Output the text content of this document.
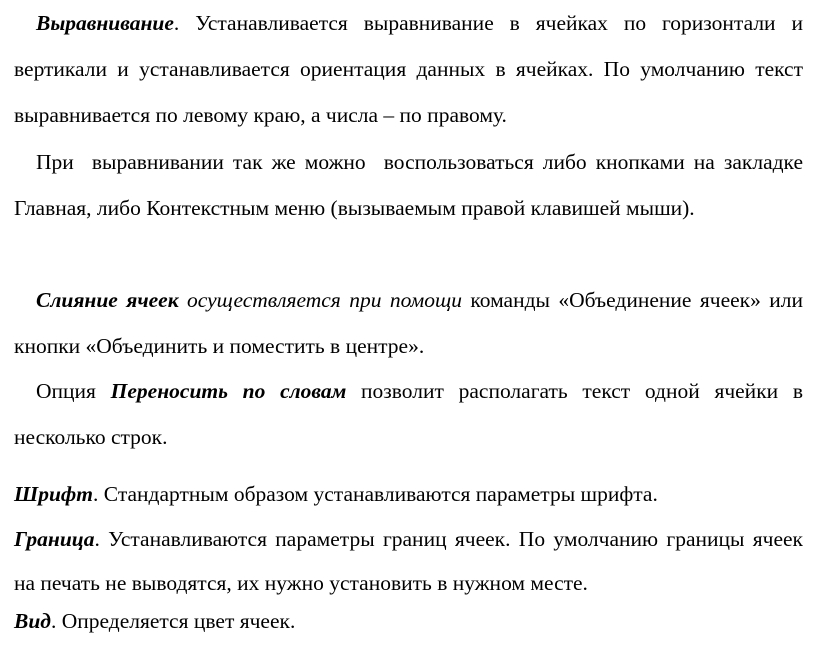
Выравнивание. Устанавливается выравнивание в ячейках по горизонтали и вертикали и устанавливается ориентация данных в ячейках. По умолчанию текст выравнивается по левому краю, а числа – по правому.

При  выравнивании так же можно  воспользоваться либо кнопками на закладке Главная, либо Контекстным меню (вызываемым правой клавишей мыши).

Слияние ячеек осуществляется при помощи команды «Объединение ячеек» или кнопки «Объединить и поместить в центре».

Опция Переносить по словам позволит располагать текст одной ячейки в несколько строк.

Шрифт. Стандартным образом устанавливаются параметры шрифта.

Граница. Устанавливаются параметры границ ячеек. По умолчанию границы ячеек на печать не выводятся, их нужно установить в нужном месте.

Вид. Определяется цвет ячеек.
